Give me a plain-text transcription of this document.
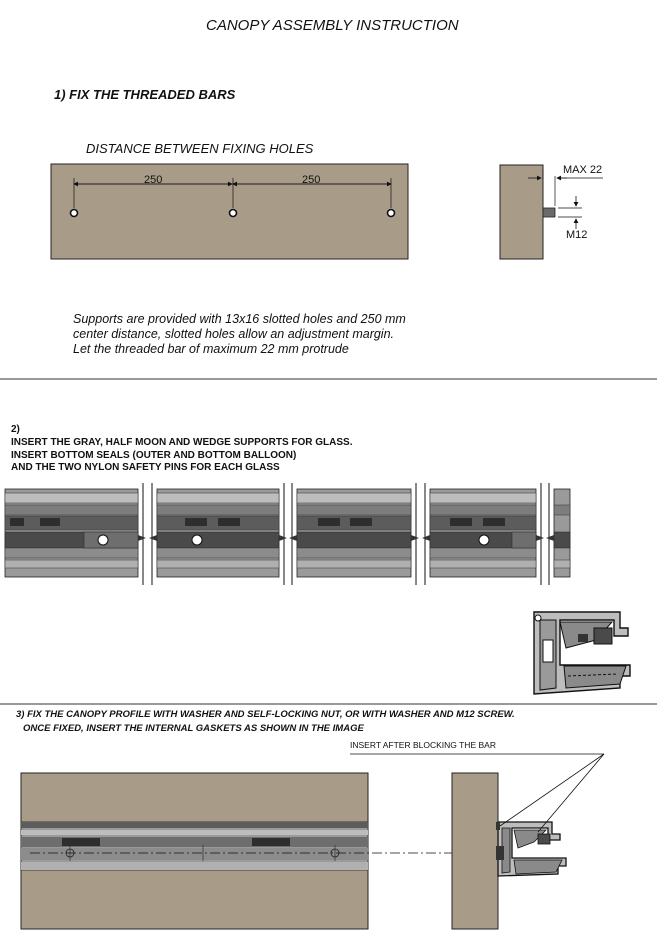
CANOPY ASSEMBLY INSTRUCTION
1) FIX THE THREADED BARS
DISTANCE BETWEEN FIXING HOLES
250	250
MAX 22
M12
Supports are provided with 13x16 slotted holes and 250 mm
center distance, slotted holes allow an adjustment margin.
Let the threaded bar of maximum 22 mm protrude
2)
INSERT THE GRAY, HALF MOON AND WEDGE SUPPORTS FOR GLASS.
INSERT BOTTOM SEALS (OUTER AND BOTTOM BALLOON)
AND THE TWO NYLON SAFETY PINS FOR EACH GLASS
3) FIX THE CANOPY PROFILE WITH WASHER AND SELF-LOCKING NUT, OR WITH WASHER AND M12 SCREW.
ONCE FIXED, INSERT THE INTERNAL GASKETS AS SHOWN IN THE IMAGE
INSERT AFTER BLOCKING THE BAR
